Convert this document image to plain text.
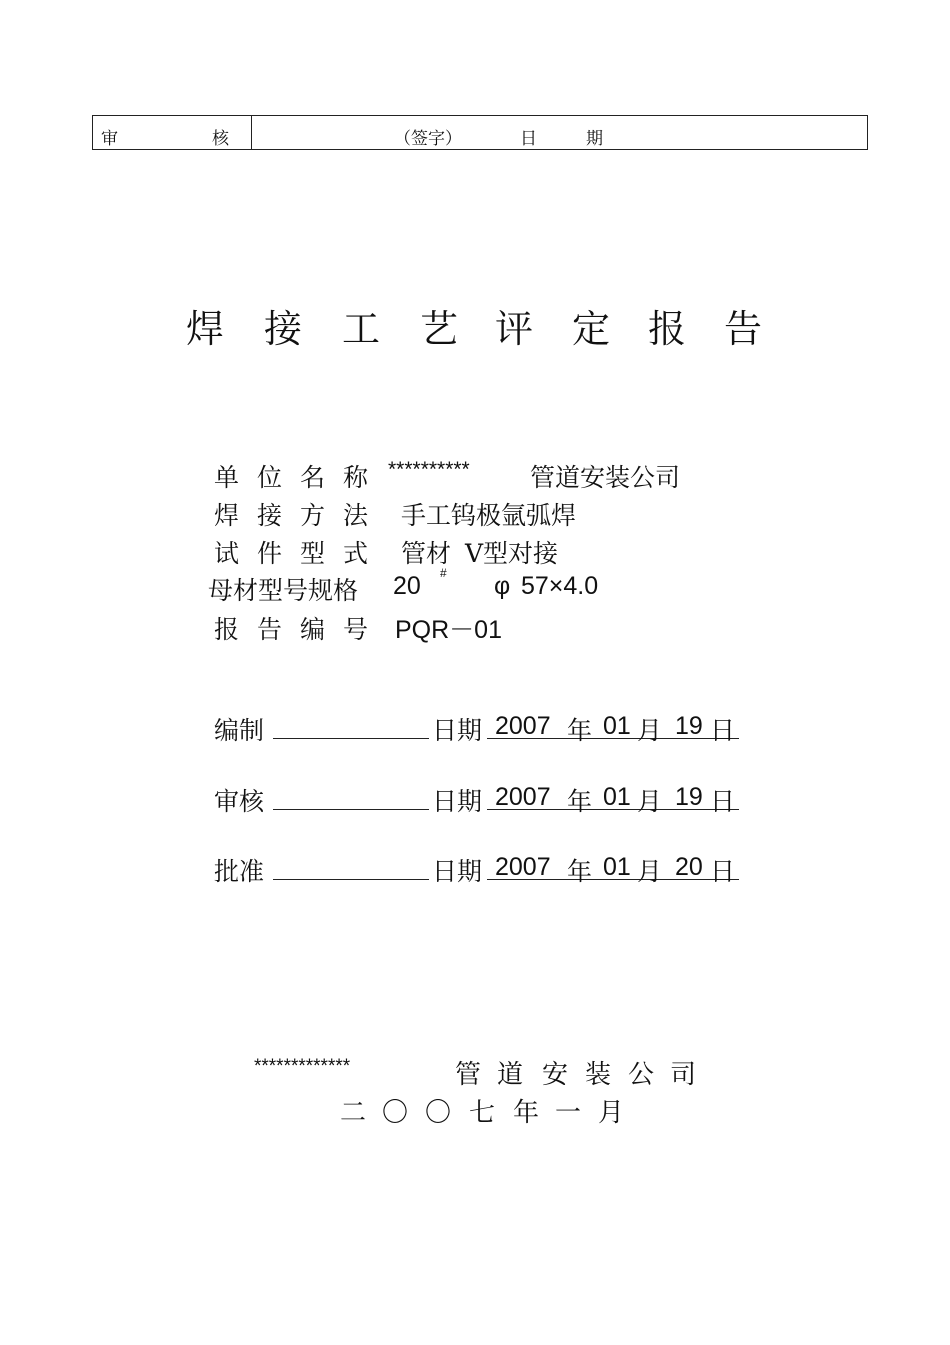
审	核	（签字）	日	期
焊 接 工 艺 评 定 报 告
单 位 名 称 ********** 管道安装公司
焊 接 方 法 手工钨极氩弧焊
试 件 型 式 管材 V型对接
母材型号规格 20 # φ 57×4.0
报 告 编 号 PQR－01
编制	日期 2007 年 01 月 19 日
审核	日期 2007 年 01 月 19 日
批准	日期 2007 年 01 月 20 日
*************	管 道 安 装 公 司
二 〇 〇 七 年 一 月
